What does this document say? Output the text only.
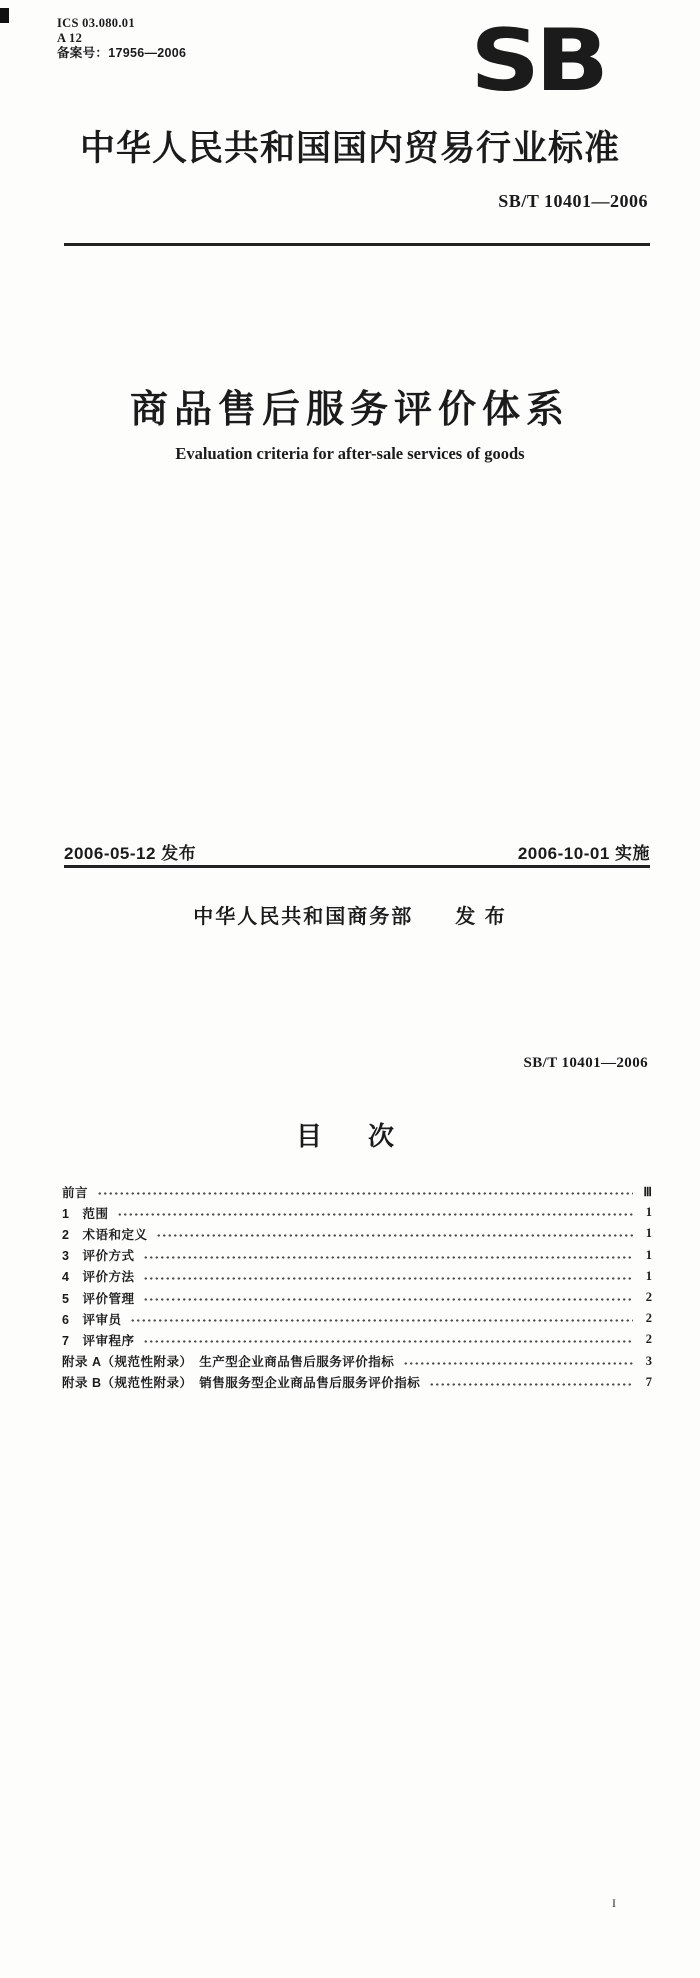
ICS 03.080.01
A 12
备案号：17956—2006	SB
中华人民共和国国内贸易行业标准
SB/T 10401—2006
商品售后服务评价体系
Evaluation criteria for after-sale services of goods
2006-05-12 发布	2006-10-01 实施
中华人民共和国商务部 发 布
SB/T 10401—2006
目　次
前言	Ⅲ
1　范围	1
2　术语和定义	1
3　评价方式	1
4　评价方法	1
5　评价管理	2
6　评审员	2
7　评审程序	2
附录 A（规范性附录）　生产型企业商品售后服务评价指标	3
附录 B（规范性附录）　销售服务型企业商品售后服务评价指标	7
I
